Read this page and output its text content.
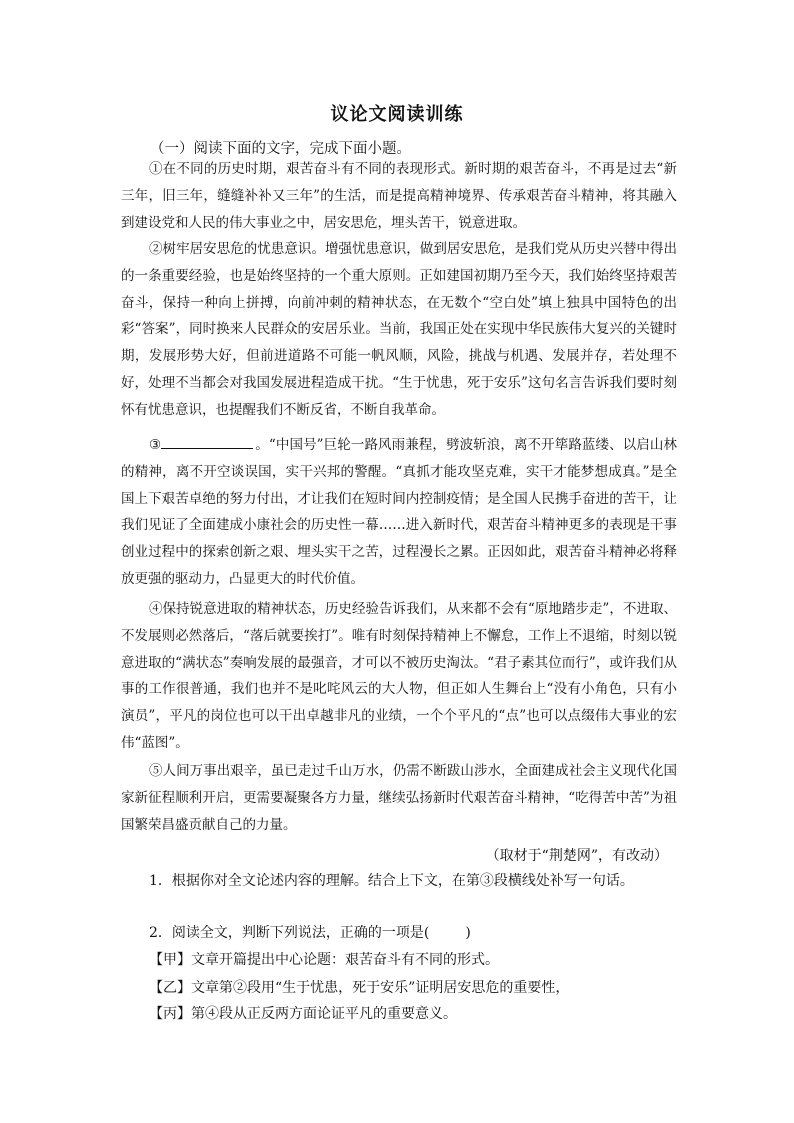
议论文阅读训练
（一）阅读下面的文字，完成下面小题。
①在不同的历史时期，艰苦奋斗有不同的表现形式。新时期的艰苦奋斗，不再是过去“新三年，旧三年，缝缝补补又三年”的生活，而是提高精神境界、传承艰苦奋斗精神，将其融入到建设党和人民的伟大事业之中，居安思危，埋头苦干，锐意进取。
②树牢居安思危的忧患意识。增强忧患意识，做到居安思危，是我们党从历史兴替中得出的一条重要经验，也是始终坚持的一个重大原则。正如建国初期乃至今天，我们始终坚持艰苦奋斗，保持一种向上拼搏，向前冲刺的精神状态，在无数个“空白处”填上独具中国特色的出彩“答案”，同时换来人民群众的安居乐业。当前，我国正处在实现中华民族伟大复兴的关键时期，发展形势大好，但前进道路不可能一帆风顺，风险，挑战与机遇、发展并存，若处理不好，处理不当都会对我国发展进程造成干扰。“生于忧患，死于安乐”这句名言告诉我们要时刻怀有忧患意识，也提醒我们不断反省，不断自我革命。
③	。“中国号”巨轮一路风雨兼程，劈波斩浪，离不开筚路蓝缕、以启山林的精神，离不开空谈误国，实干兴邦的警醒。“真抓才能攻坚克难，实干才能梦想成真。”是全国上下艰苦卓绝的努力付出，才让我们在短时间内控制疫情；是全国人民携手奋进的苦干，让我们见证了全面建成小康社会的历史性一幕……进入新时代，艰苦奋斗精神更多的表现是干事创业过程中的探索创新之艰、埋头实干之苦，过程漫长之累。正因如此，艰苦奋斗精神必将释放更强的驱动力，凸显更大的时代价值。
④保持锐意进取的精神状态，历史经验告诉我们，从来都不会有“原地踏步走”，不进取、不发展则必然落后，“落后就要挨打”。唯有时刻保持精神上不懈怠，工作上不退缩，时刻以锐意进取的“满状态”奏响发展的最强音，才可以不被历史淘汰。“君子素其位而行”，或许我们从事的工作很普通，我们也并不是叱咤风云的大人物，但正如人生舞台上“没有小角色，只有小演员”，平凡的岗位也可以干出卓越非凡的业绩，一个个平凡的“点”也可以点缀伟大事业的宏伟“蓝图”。
⑤人间万事出艰辛，虽已走过千山万水，仍需不断跋山涉水，全面建成社会主义现代化国家新征程顺利开启，更需要凝聚各方力量，继续弘扬新时代艰苦奋斗精神，“吃得苦中苦”为祖国繁荣昌盛贡献自己的力量。
（取材于“荆楚网”，有改动）
1．根据你对全文论述内容的理解。结合上下文，在第③段横线处补写一句话。
2．阅读全文，判断下列说法，正确的一项是(	)
【甲】文章开篇提出中心论题：艰苦奋斗有不同的形式。
【乙】文章第②段用“生于忧患，死于安乐”证明居安思危的重要性，
【丙】第④段从正反两方面论证平凡的重要意义。
